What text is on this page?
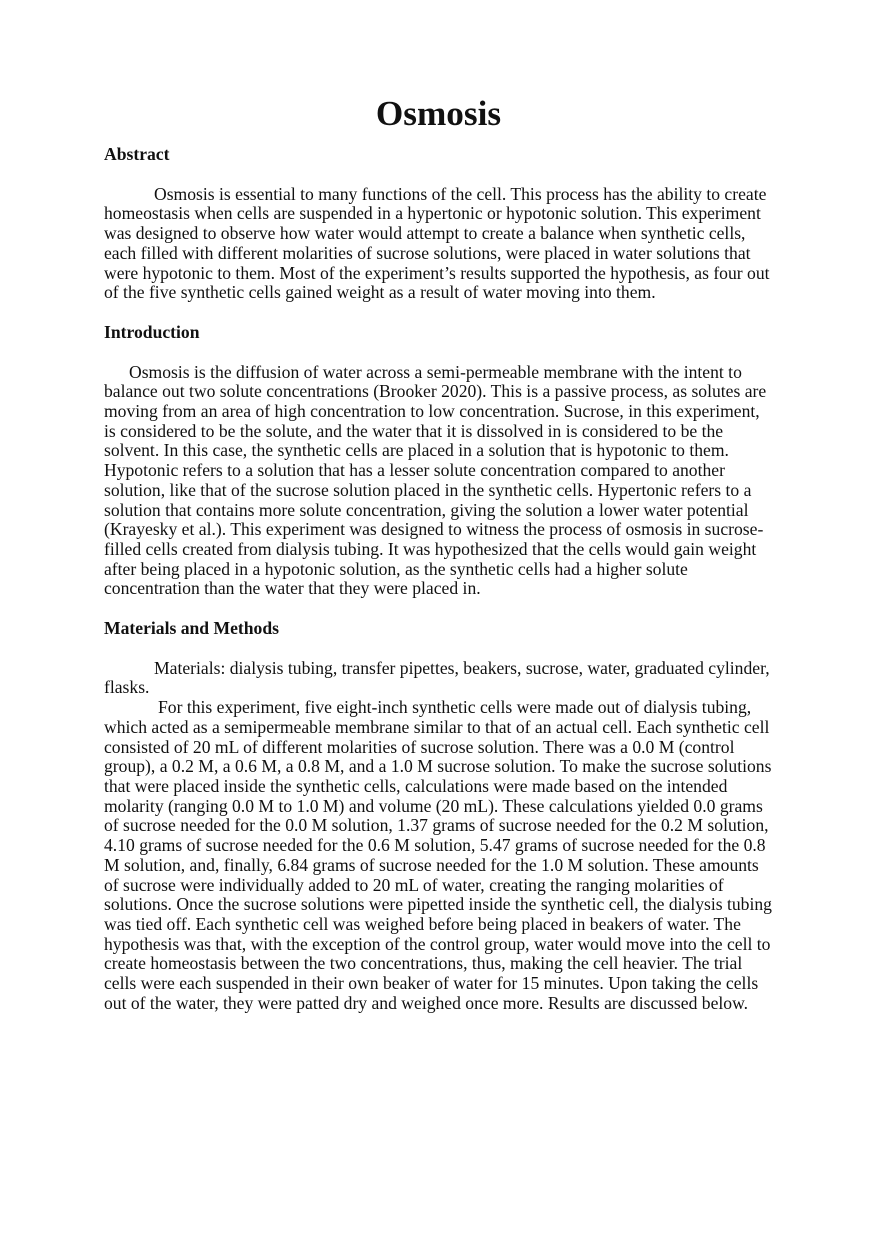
Osmosis
Abstract

Osmosis is essential to many functions of the cell. This process has the ability to create homeostasis when cells are suspended in a hypertonic or hypotonic solution. This experiment was designed to observe how water would attempt to create a balance when synthetic cells, each filled with different molarities of sucrose solutions, were placed in water solutions that were hypotonic to them. Most of the experiment’s results supported the hypothesis, as four out of the five synthetic cells gained weight as a result of water moving into them.

Introduction

Osmosis is the diffusion of water across a semi-permeable membrane with the intent to balance out two solute concentrations (Brooker 2020). This is a passive process, as solutes are moving from an area of high concentration to low concentration. Sucrose, in this experiment, is considered to be the solute, and the water that it is dissolved in is considered to be the solvent. In this case, the synthetic cells are placed in a solution that is hypotonic to them. Hypotonic refers to a solution that has a lesser solute concentration compared to another solution, like that of the sucrose solution placed in the synthetic cells. Hypertonic refers to a solution that contains more solute concentration, giving the solution a lower water potential (Krayesky et al.). This experiment was designed to witness the process of osmosis in sucrose-filled cells created from dialysis tubing. It was hypothesized that the cells would gain weight after being placed in a hypotonic solution, as the synthetic cells had a higher solute concentration than the water that they were placed in.

Materials and Methods

Materials: dialysis tubing, transfer pipettes, beakers, sucrose, water, graduated cylinder, flasks.

For this experiment, five eight-inch synthetic cells were made out of dialysis tubing, which acted as a semipermeable membrane similar to that of an actual cell. Each synthetic cell consisted of 20 mL of different molarities of sucrose solution. There was a 0.0 M (control group), a 0.2 M, a 0.6 M, a 0.8 M, and a 1.0 M sucrose solution. To make the sucrose solutions that were placed inside the synthetic cells, calculations were made based on the intended molarity (ranging 0.0 M to 1.0 M) and volume (20 mL). These calculations yielded 0.0 grams of sucrose needed for the 0.0 M solution, 1.37 grams of sucrose needed for the 0.2 M solution, 4.10 grams of sucrose needed for the 0.6 M solution, 5.47 grams of sucrose needed for the 0.8 M solution, and, finally, 6.84 grams of sucrose needed for the 1.0 M solution. These amounts of sucrose were individually added to 20 mL of water, creating the ranging molarities of solutions. Once the sucrose solutions were pipetted inside the synthetic cell, the dialysis tubing was tied off. Each synthetic cell was weighed before being placed in beakers of water. The hypothesis was that, with the exception of the control group, water would move into the cell to create homeostasis between the two concentrations, thus, making the cell heavier. The trial cells were each suspended in their own beaker of water for 15 minutes. Upon taking the cells out of the water, they were patted dry and weighed once more. Results are discussed below.
